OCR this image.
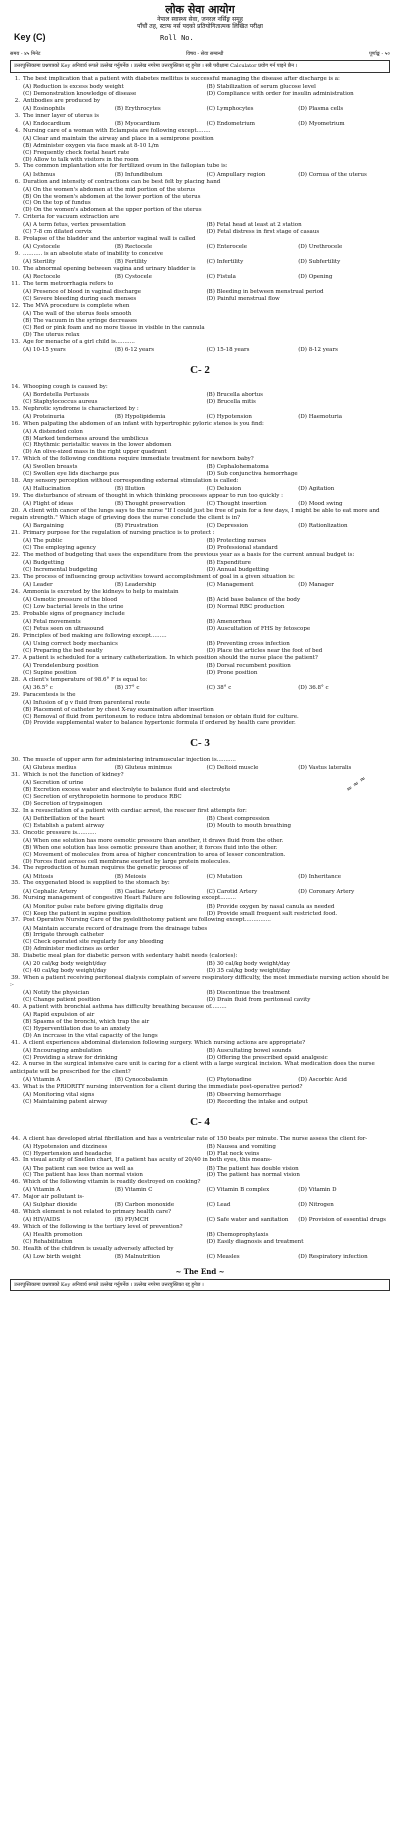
लोक सेवा आयोग
नेपाल स्वास्थ्य सेवा, जनरल नर्सिङ्ग समूह
पाँचौं तह, स्टाफ नर्स पदको प्रतियोगितात्मक लिखित परीक्षा
Key (C)	Roll No.
समय - ४५ मिनेट	विषय - सेवा सम्बन्धी	पूर्णाङ्क - ५०
उत्तरपुस्तिकामा प्रश्नपत्रको Key अनिवार्य रूपले उल्लेख गर्नुपर्नेछ । उल्लेख नगरेमा उत्तरपुस्तिका रद्द हुनेछ । सबै परीक्षामा Calculator प्रयोग गर्न पाइने छैन ।
1. The best implication that a patient with diabetes mellitus is successful managing the disease after discharge is a:
(A) Reduction is excess body weight	(B) Stabilization of serum glucose level
(C) Demonstration knowledge of disease	(D) Compliance with order for insulin administration
2. Antibodies are produced by
(A) Eosinophils	(B) Erythrocytes	(C) Lymphocytes	(D) Plasma cells
3. The inner layer of uterus is
(A) Endocardium	(B) Myocardium	(C) Endometrium	(D) Myometrium
4. Nursing care of a woman with Eclampsia are following except........
(A) Clear and maintain the airway and place in a semiprone position
(B) Administer oxygen via face mask at 8-10 L/m
(C) Frequently check foetal heart rate
(D) Allow to talk with visitors in the room
5. The common implantation site for fertilized ovum in the fallopian tube is:
(A) Isthmus	(B) Infundibulum	(C) Ampullary region	(D) Cornua of the uterus
6. Duration and intensity of contractions can be best felt by placing hand
(A) On the women's abdomen at the mid portion of the uterus
(B) On the women's abdomen at the lower portion of the uterus
(C) On the top of fundus
(D) On the women's abdomen at the upper portion of the uterus
7. Criteria for vacuum extraction are
(A) A term fetus, vertex presentation	(B) Fetal head at least at 2 station
(C) 7-8 cm dilated cervix	(D) Fetal distress in first stage of casaus
8. Prolapse of the bladder and the anterior vaginal wall is called
(A) Cystocele	(B) Rectocele	(C) Enterocele	(D) Urethrocele
9. ........... is an absolute state of inability to conceive
(A) Sterility	(B) Fertility	(C) Infertility	(D) Subfertility
10. The abnormal opening between vagina and urinary bladder is
(A) Rectocele	(B) Cystocele	(C) Fistula	(D) Opening
11. The term metrorrhagia refers to
(A) Presence of blood in vaginal discharge	(B) Bleeding in between menstrual period
(C) Severe bleeding during each menses	(D) Painful menstrual flow
12. The MVA procedure is complete when
(A) The wall of the uterus feels smooth
(B) The vacuum in the syringe decreases
(C) Red or pink foam and no more tissue in visible in the cannula
(D) The uterus relax
13. Age for menache of a girl child is...........
(A) 10-15 years	(B) 6-12 years	(C) 15-18 years	(D) 8-12 years
C- 2
14. Whooping cough is caused by:
(A) Bordetella Pertussis	(B) Brucella abortus
(C) Staphylococcus aureus	(D) Brucella mitis
15. Nephrotic syndrome is characterized by :
(A) Proteinuria	(B) Hypolipidemia	(C) Hypotension	(D) Haemoturia
16. When palpating the abdomen of an infant with hypertrophic pyloric stenos is you find:
(A) A distended colon
(B) Marked tenderness around the umbilicus
(C) Rhythmic peristaltic waves in the lower abdomen
(D) An olive-sized mass in the right upper quadrant
17. Which of the following conditions require immediate treatment for newborn baby?
(A) Swollen breasts	(B) Cephalohematoma
(C) Swollen eye lids discharge pus	(D) Sub conjunctiva hemorrhage
18. Any sensory perception without corresponding external stimulation is called:
(A) Hallucination	(B) Illution	(C) Delusion	(D) Agitation
19. The disturbance of stream of thought in which thinking processes appear to run too quickly :
(A) Flight of ideas	(B) Thought preservation	(C) Thought insertion	(D) Mood swing
20. A client with cancer of the lungs says to the nurse "If I could just be free of pain for a few days, I might be able to eat more and regain strength." Which stage of grieving does the nurse conclude the client is in?
(A) Bargaining	(B) Firustration	(C) Depression	(D) Rationlization
21. Primary purpose for the regulation of nursing practice is to protect :
(A) The public	(B) Protecting nurses
(C) The employing agency	(D) Professional standard
22. The method of budgeting that uses the expenditure from the previous year as a basis for the current annual budget is:
(A) Budgetting	(B) Expenditure
(C) Incremental budgeting	(D) Annual budgetting
23. The process of influencing group activities toward accomplishment of goal in a given situation is:
(A) Leader	(B) Leadership	(C) Management	(D) Manager
24. Ammonia is excreted by the kidneys to help to maintain
(A) Osmotic pressure of the blood	(B) Acid base balance of the body
(C) Low bacterial levels in the urine	(D) Normal RBC production
25. Probable signs of pregnancy include
(A) Fetal movements	(B) Amenorrhea
(C) Fetus seen on ultrasound	(D) Auscultation of FHS by fetoscope
26. Principles of bed making are following except.........
(A) Using correct body mechanics	(B) Preventing cross infection
(C) Preparing the bed neatly	(D) Place the articles near the foot of bed
27. A patient is scheduled for a urinary catheterization. In which position should the nurse place the patient?
(A) Trendelenburg position	(B) Dorsal recumbent position
(C) Supine position	(D) Prone position
28. A client's temperature of 98.6° F is equal to:
(A) 36.5° c	(B) 37° c	(C) 38° c	(D) 36.8° c
29. Paracentesis is the
(A) Infusion of g v fluid from parenteral route
(B) Placement of catheter by chest X-ray examination after insertion
(C) Removal of fluid from peritoneum to reduce intra abdominal tension or obtain fluid for culture.
(D) Provide supplemental water to balance hypertonic formula if ordered by health care provider.
C- 3
30. The muscle of upper arm for administering intramuscular injection is...........
(A) Gluteus medius	(B) Gluteus minimus	(C) Deltoid muscle	(D) Vastus lateralis
31. Which is not the function of kidney?
(A) Secretion of urine
(B) Excretion excess water and electrolyte to balance fluid and electrolyte
(C) Secretion of erythropoietin hormone to produce RBC
(D) Secretion of trypsinogen
32. In a resuscitation of a patient with cardiac arrest, the rescuer first attempts for:
(A) Defibrillation of the heart	(B) Chest compression
(C) Establish a patent airway	(D) Mouth to mouth breathing
33. Oncotic pressure is...........
(A) When one solution has more osmotic pressure than another, it draws fluid from the other.
(B) When one solution has less osmotic pressure than another, it forces fluid into the other.
(C) Movement of molecules from area of higher concentration to area of lesser concentration.
(D) Forces fluid across cell membrane exerted by large protein molecules.
34. The reproduction of human requires the genetic process of
(A) Mitosis	(B) Meiosis	(C) Mutation	(D) Inheritance
35. The oxygenated blood is supplied to the stomach by:
(A) Cephalic Artery	(B) Caeliac Artery	(C) Carotid Artery	(D) Coronary Artery
36. Nursing management of congestive Heart Failure are following except.........
(A) Monitor pulse rate before giving digitalis drug	(B) Provide oxygen by nasal canula as needed
(C) Keep the patient in supine position	(D) Provide small frequent salt restricted food.
37. Post Operative Nursing Care of the pyelolithotomy patient are following except...............
(A) Maintain accurate record of drainage from the drainage tubes
(B) Irrigate through catheter
(C) Check operated site regularly for any bleeding
(D) Administer medicines as order
38. Diabetic meal plan for diabetic person with sedentary habit needs (calories):
(A) 20 cal/kg body weight/day	(B) 30 cal/kg body weight/day
(C) 40 cal/kg body weight/day	(D) 35 cal/kg body weight/day
39. When a patient receiving peritoneal dialysis complain of severe respiratory difficulty, the most immediate nursing action should be :-
(A) Notify the physician	(B) Discontinue the treatment
(C) Change patient position	(D) Drain fluid from peritoneal cavity
40. A patient with bronchial asthma has difficulty breathing because of.........
(A) Rapid expulsion of air
(B) Spasms of the bronchi, which trap the air
(C) Hyperventilation due to an anxiety
(D) An incrcase in the vital capacity of the lungs
41. A client experiences abdominal distension following surgery. Which nursing actions are appropriate?
(A) Encouraging ambulation	(B) Auscultating bowel sounds
(C) Providing a straw for drinking	(D) Offering the prescribed opaid analgesic
42. A nurse in the surgical intensive care unit is caring for a client with a large surgical incision. What medication does the nurse anticipate will be prescribed for the client?
(A) Vitamin A	(B) Cynocobalamin	(C) Phytonadine	(D) Ascorbic Acid
43. What is the PRIORITY nursing intervention for a client during the immediate post-operative period?
(A) Monitoring vital signs	(B) Observing hemorrhage
(C) Maintaining patent airway	(D) Recording the intake and output
C- 4
44. A client has developed atrial fibrillation and has a ventricular rate of 150 beats per minute. The nurse assess the client for-
(A) Hypotension and dizziness	(B) Nausea and vomiting
(C) Hypertension and headache	(D) Flat neck veins
45. In visual acuity of Snellen chart, If a patient has acuity of 20/40 in both eyes, this means-
(A) The patient can see twice as well as	(B) The patient has double vision
(C) The patient has less than normal vision	(D) The patient has normal vision
46. Which of the following vitamin is readily destroyed on cooking?
(A) Vitamin A	(B) Vitamin C	(C) Vitamin B complex	(D) Vitamin D
47. Major air pollutant is-
(A) Sulphar dioxide	(B) Carbon monoxide	(C) Lead	(D) Nitrogen
48. Which element is not related to primary health care?
(A) HIV/AIDS	(B) FP/MCH	(C) Safe water and sanitation	(D) Provision of essential drugs
49. Which of the following is the tertiary level of prevention?
(A) Health promotion	(B) Chemoprophylaxis
(C) Rehabilitation	(D) Easily diagnosis and treatment
50. Health of the children is usually adversely affected by
(A) Low birth weight	(B) Malnutrition	(C) Measles	(D) Respiratory infection
~ The End ~
उत्तरपुस्तिकामा प्रश्नपत्रको Key अनिवार्य रूपले उल्लेख गर्नुपर्नेछ । उल्लेख नगरेमा उत्तरपुस्तिका रद्द हुनेछ ।
≈ ≈ ≈
